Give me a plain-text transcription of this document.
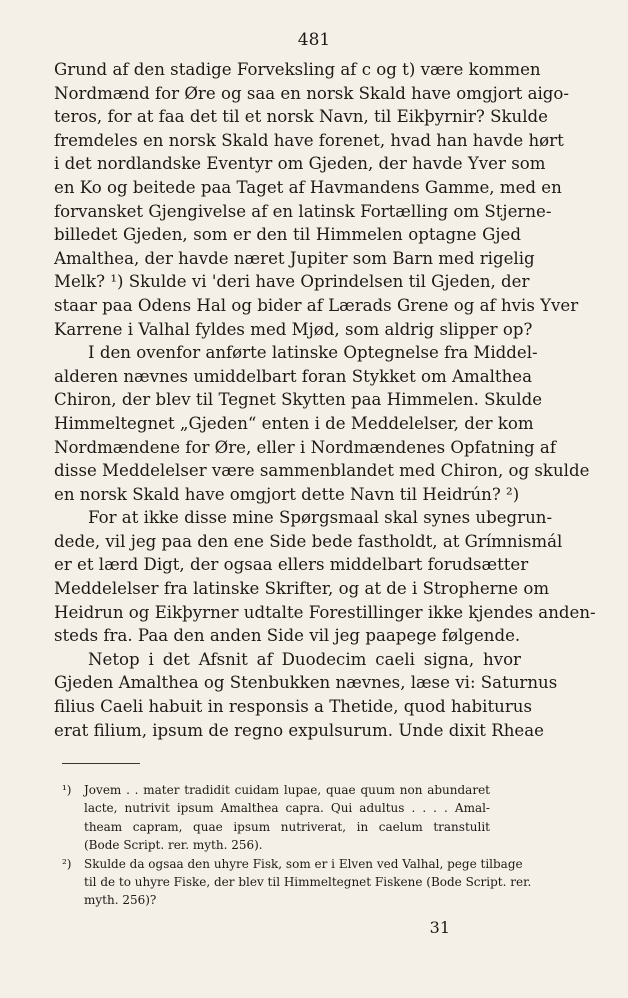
481
Grund af den stadige Forveksling af c og t) være kommen
Nordmænd for Øre og saa en norsk Skald have omgjort aigo-
teros, for at faa det til et norsk Navn, til Eikþyrnir? Skulde
fremdeles en norsk Skald have forenet, hvad han havde hørt
i det nordlandske Eventyr om Gjeden, der havde Yver som
en Ko og beitede paa Taget af Havmandens Gamme, med en
forvansket Gjengivelse af en latinsk Fortælling om Stjerne-
billedet Gjeden, som er den til Himmelen optagne Gjed
Amalthea, der havde næret Jupiter som Barn med rigelig
Melk? ¹) Skulde vi 'deri have Oprindelsen til Gjeden, der
staar paa Odens Hal og bider af Lærads Grene og af hvis Yver
Karrene i Valhal fyldes med Mjød, som aldrig slipper op?
I den ovenfor anførte latinske Optegnelse fra Middel-
alderen nævnes umiddelbart foran Stykket om Amalthea
Chiron, der blev til Tegnet Skytten paa Himmelen. Skulde
Himmeltegnet „Gjeden“ enten i de Meddelelser, der kom
Nordmændene for Øre, eller i Nordmændenes Opfatning af
disse Meddelelser være sammenblandet med Chiron, og skulde
en norsk Skald have omgjort dette Navn til Heidrún? ²)
For at ikke disse mine Spørgsmaal skal synes ubegrun-
dede, vil jeg paa den ene Side bede fastholdt, at Grímnismál
er et lærd Digt, der ogsaa ellers middelbart forudsætter
Meddelelser fra latinske Skrifter, og at de i Stropherne om
Heidrun og Eikþyrner udtalte Forestillinger ikke kjendes anden-
steds fra. Paa den anden Side vil jeg paapege følgende.
Netop i det Afsnit af Duodecim caeli signa, hvor
Gjeden Amalthea og Stenbukken nævnes, læse vi: Saturnus
filius Caeli habuit in responsis a Thetide, quod habiturus
erat filium, ipsum de regno expulsurum. Unde dixit Rheae
¹) Jovem . . mater tradidit cuidam lupae, quae quum non abundaret
lacte, nutrivit ipsum Amalthea capra. Qui adultus . . . . Amal-
theam capram, quae ipsum nutriverat, in caelum transtulit
(Bode Script. rer. myth. 256).
²) Skulde da ogsaa den uhyre Fisk, som er i Elven ved Valhal, pege tilbage
til de to uhyre Fiske, der blev til Himmeltegnet Fiskene (Bode Script. rer.
myth. 256)?
31
